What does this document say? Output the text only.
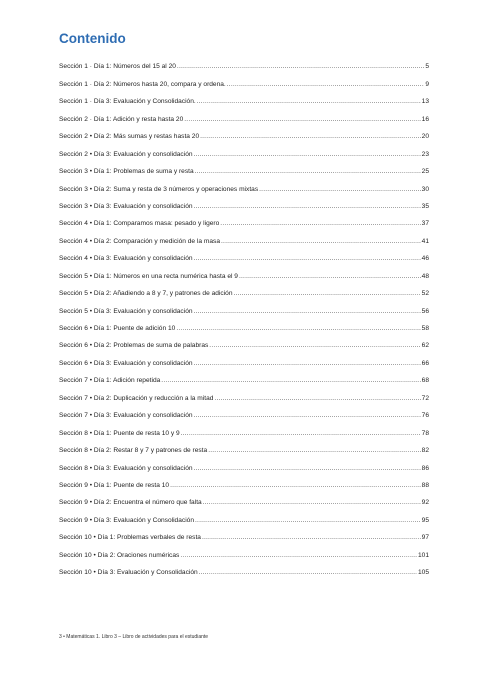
Contenido
Sección 1 · Día 1: Números del 15 al 20 .....	5
Sección 1 · Día 2: Números hasta 20, compara y ordena. .....	9
Sección 1 · Día 3: Evaluación y Consolidación. .....	13
Sección 2 · Día 1: Adición y resta hasta 20 .....	16
Sección 2 • Día 2: Más sumas y restas hasta 20 .....	20
Sección 2 • Día 3: Evaluación y consolidación .....	23
Sección 3 • Día 1: Problemas de suma y resta .....	25
Sección 3 • Día 2: Suma y resta de 3 números y operaciones mixtas .....	30
Sección 3 • Día 3: Evaluación y consolidación .....	35
Sección 4 • Día 1: Comparamos masa: pesado y ligero .....	37
Sección 4 • Día 2: Comparación y medición de la masa .....	41
Sección 4 • Día 3: Evaluación y consolidación .....	46
Sección 5 • Día 1: Números en una recta numérica hasta el 9 .....	48
Sección 5 • Día 2: Añadiendo a 8 y 7, y patrones de adición .....	52
Sección 5 • Día 3: Evaluación y consolidación .....	56
Sección 6 • Día 1: Puente de adición 10 .....	58
Sección 6 • Día 2: Problemas de suma de palabras .....	62
Sección 6 • Día 3: Evaluación y consolidación .....	66
Sección 7 • Día 1: Adición repetida .....	68
Sección 7 • Día 2: Duplicación y reducción a la mitad .....	72
Sección 7 • Día 3: Evaluación y consolidación .....	76
Sección 8 • Día 1: Puente de resta 10 y 9 .....	78
Sección 8 • Día 2: Restar 8 y 7 y patrones de resta .....	82
Sección 8 • Día 3: Evaluación y consolidación .....	86
Sección 9 • Día 1: Puente de resta 10 .....	88
Sección 9 • Día 2: Encuentra el número que falta .....	92
Sección 9 • Día 3: Evaluación y Consolidación .....	95
Sección 10 • Día 1: Problemas verbales de resta .....	97
Sección 10 • Día 2: Oraciones numéricas .....	101
Sección 10 • Día 3: Evaluación y Consolidación .....	105
3 • Matemáticas 1. Libro 3 – Libro de actividades para el estudiante
